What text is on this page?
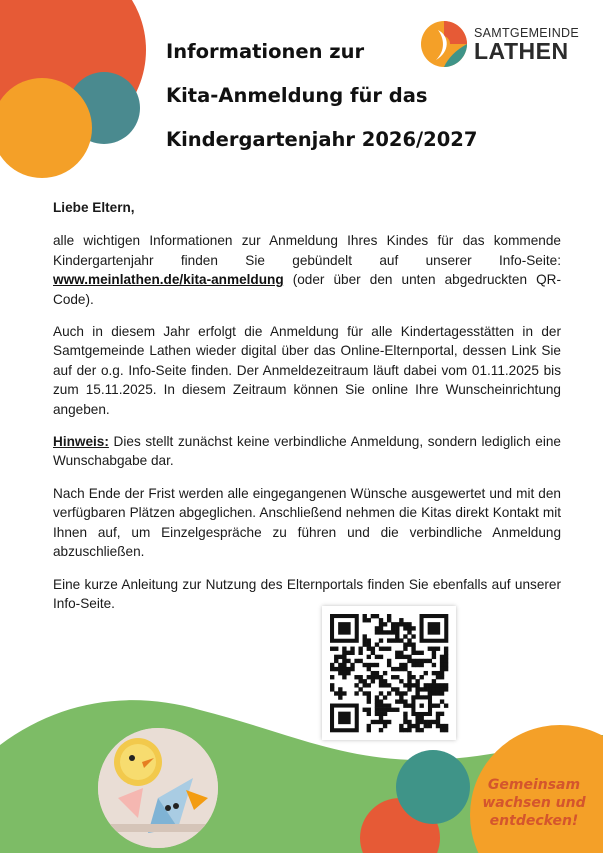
Informationen zur
Kita-Anmeldung für das
Kindergartenjahr 2026/2027
SAMTGEMEINDE
LATHEN

Liebe Eltern,

alle wichtigen Informationen zur Anmeldung Ihres Kindes für das kommende Kindergartenjahr finden Sie gebündelt auf unserer Info-Seite: www.meinlathen.de/kita-anmeldung (oder über den unten abgedruckten QR-Code).

Auch in diesem Jahr erfolgt die Anmeldung für alle Kindertagesstätten in der Samtgemeinde Lathen wieder digital über das Online-Elternportal, dessen Link Sie auf der o.g. Info-Seite finden. Der Anmeldezeitraum läuft dabei vom 01.11.2025 bis zum 15.11.2025. In diesem Zeitraum können Sie online Ihre Wunscheinrichtung angeben.

Hinweis: Dies stellt zunächst keine verbindliche Anmeldung, sondern lediglich eine Wunschabgabe dar.

Nach Ende der Frist werden alle eingegangenen Wünsche ausgewertet und mit den verfügbaren Plätzen abgeglichen. Anschließend nehmen die Kitas direkt Kontakt mit Ihnen auf, um Einzelgespräche zu führen und die verbindliche Anmeldung abzuschließen.

Eine kurze Anleitung zur Nutzung des Elternportals finden Sie ebenfalls auf unserer Info-Seite.

Gemeinsam
wachsen und
entdecken!
